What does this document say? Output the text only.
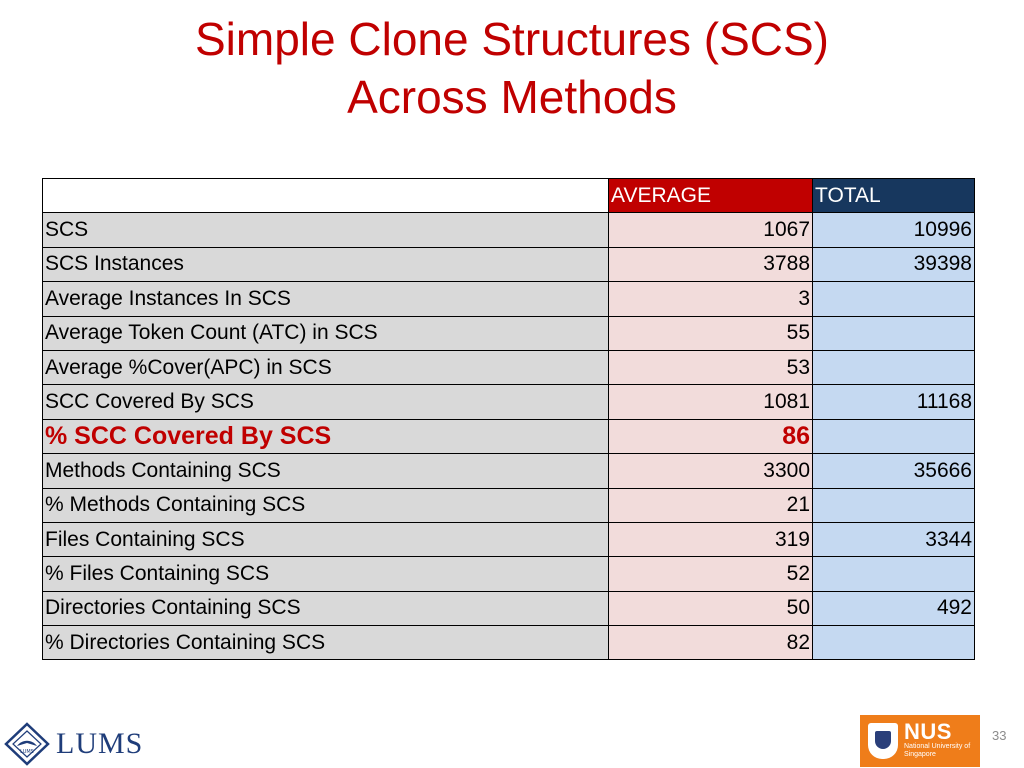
Simple Clone Structures (SCS)
Across Methods
	AVERAGE	TOTAL
SCS	1067	10996
SCS Instances	3788	39398
Average Instances In SCS	3	
Average Token Count (ATC) in SCS	55	
Average %Cover(APC) in SCS	53	
SCC Covered By SCS	1081	11168
% SCC Covered By SCS	86	
Methods Containing SCS	3300	35666
% Methods Containing SCS	21	
Files Containing SCS	319	3344
% Files Containing SCS	52	
Directories Containing SCS	50	492
% Directories Containing SCS	82	
LUMS LUMS	NUS
National University of Singapore
33
